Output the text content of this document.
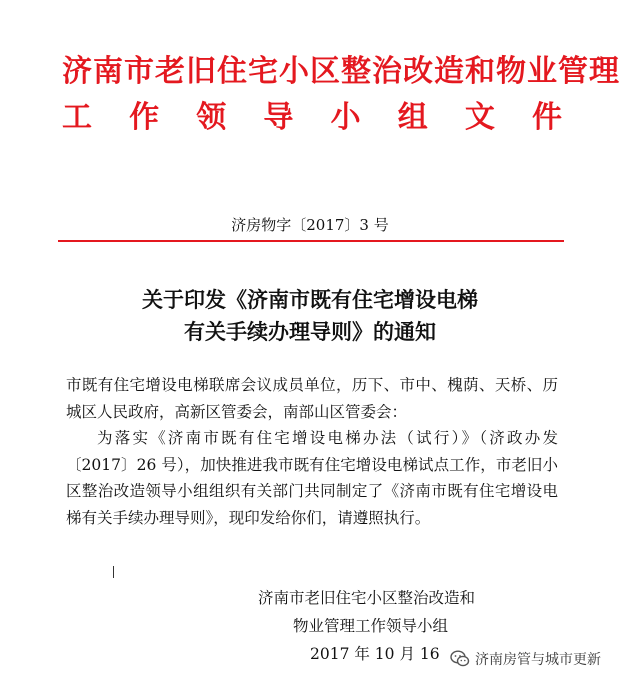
济南市老旧住宅小区整治改造和物业管理
工 作 领 导 小 组 文 件
济房物字〔2017〕3 号
关于印发《济南市既有住宅增设电梯
有关手续办理导则》的通知

市既有住宅增设电梯联席会议成员单位，历下、市中、槐荫、天桥、历城区人民政府，高新区管委会，南部山区管委会：

为落实《济南市既有住宅增设电梯办法（试行）》（济政办发〔2017〕26 号），加快推进我市既有住宅增设电梯试点工作，市老旧小区整治改造领导小组组织有关部门共同制定了《济南市既有住宅增设电梯有关手续办理导则》，现印发给你们，请遵照执行。

济南市老旧住宅小区整治改造和
物业管理工作领导小组
2017 年 10 月 16	济南房管与城市更新
